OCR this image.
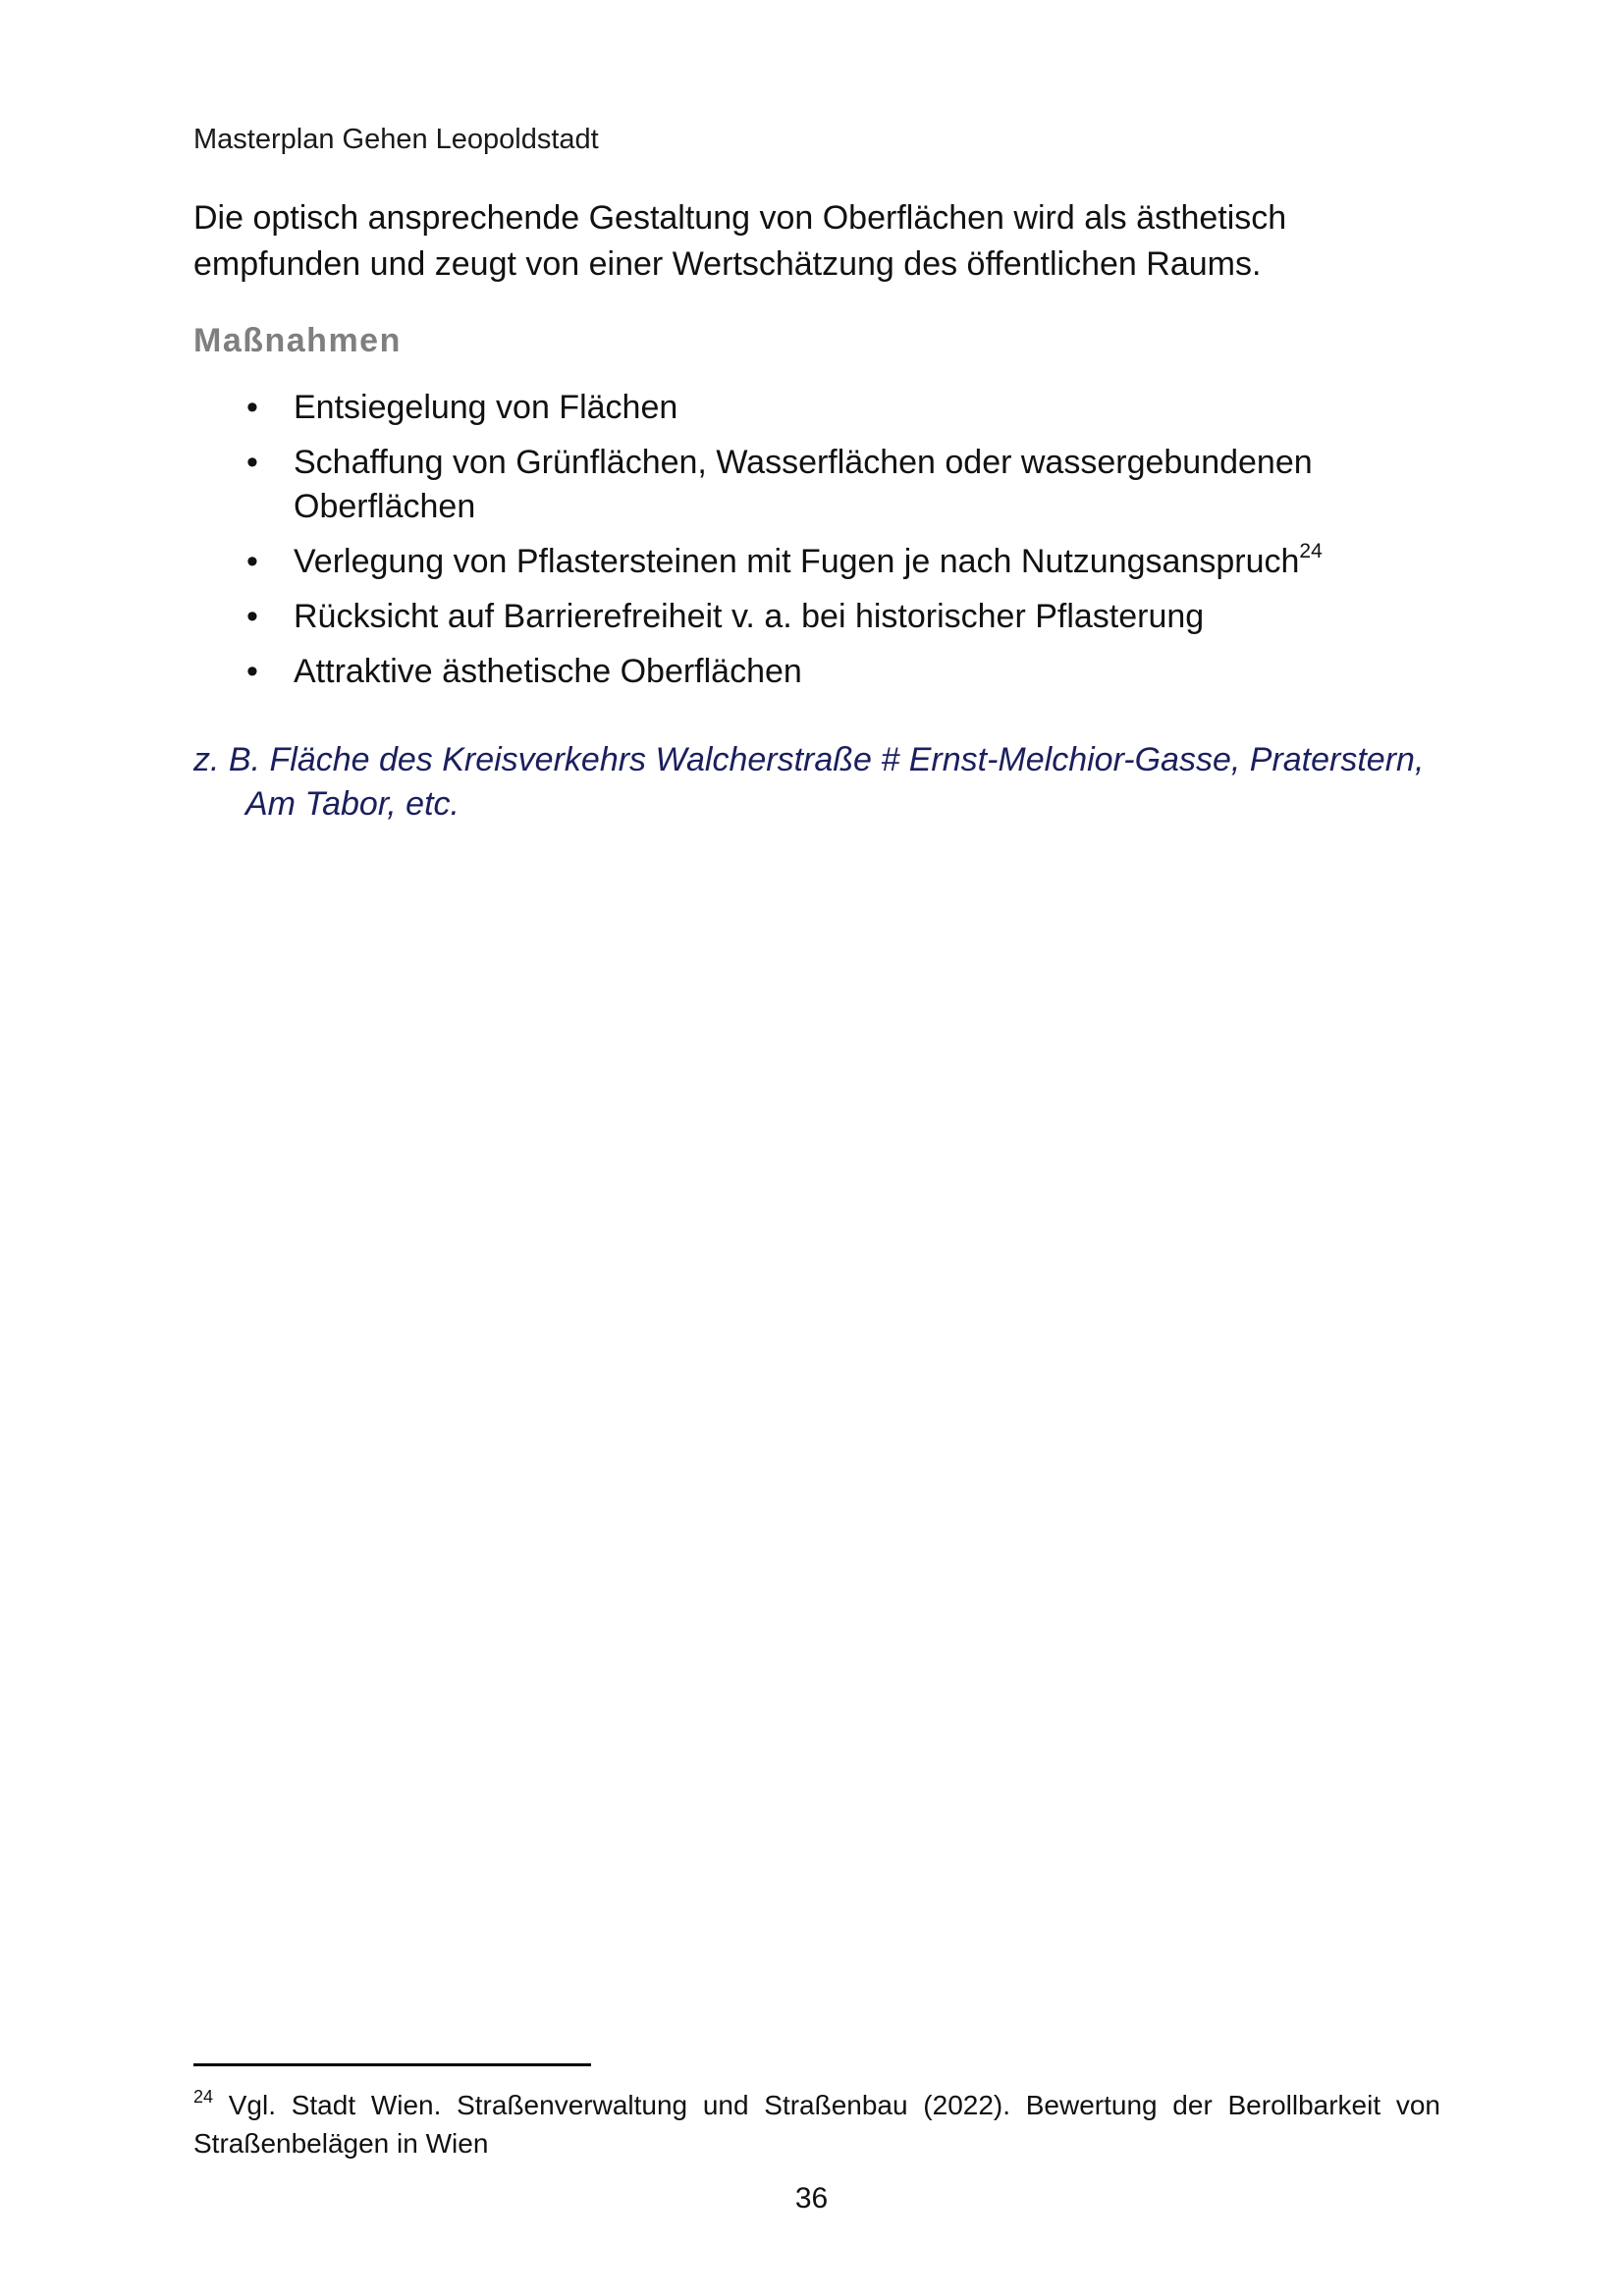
Masterplan Gehen Leopoldstadt

Die optisch ansprechende Gestaltung von Oberflächen wird als ästhetisch empfunden und zeugt von einer Wertschätzung des öffentlichen Raums.

Maßnahmen
• Entsiegelung von Flächen
• Schaffung von Grünflächen, Wasserflächen oder wassergebundenen Oberflächen
• Verlegung von Pflastersteinen mit Fugen je nach Nutzungsanspruch$^{24}$
• Rücksicht auf Barrierefreiheit v. a. bei historischer Pflasterung
• Attraktive ästhetische Oberflächen

z. B. Fläche des Kreisverkehrs Walcherstraße # Ernst-Melchior-Gasse, Praterstern, Am Tabor, etc.

$^{24}$ Vgl. Stadt Wien. Straßenverwaltung und Straßenbau (2022). Bewertung der Berollbarkeit von Straßenbelägen in Wien

36
